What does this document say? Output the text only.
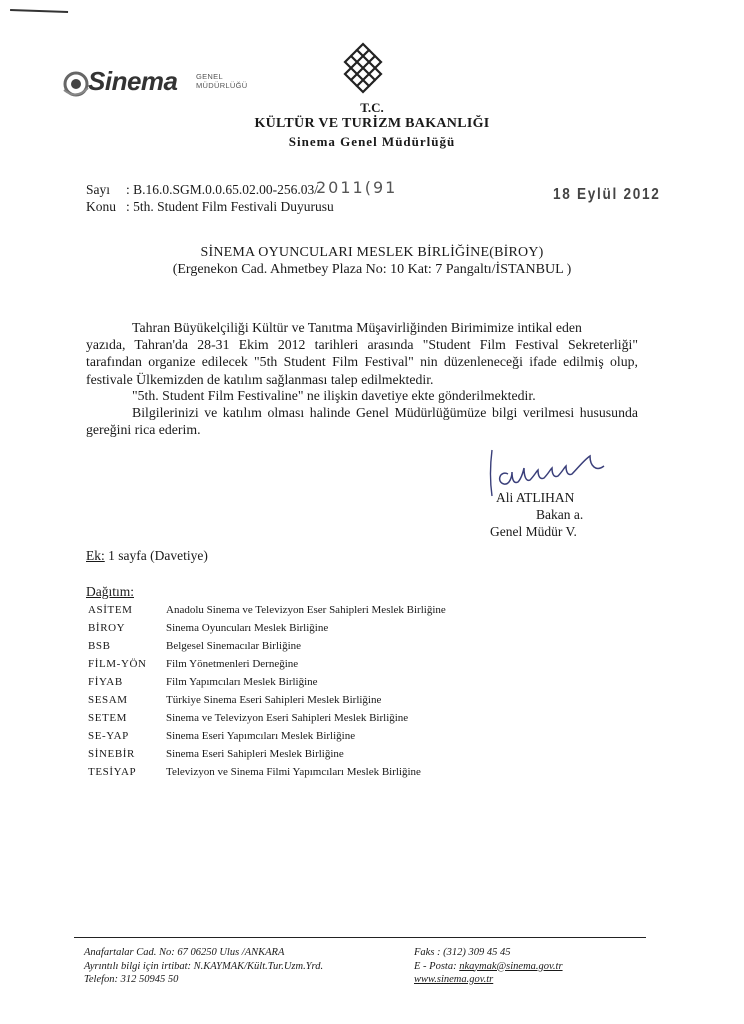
Sinema GENEL
MÜDÜRLÜĞÜ
T.C.
KÜLTÜR VE TURİZM BAKANLIĞI
Sinema Genel Müdürlüğü
Sayı : B.16.0.SGM.0.0.65.02.00-256.03/
2011(91
Konu : 5th. Student Film Festivali Duyurusu
18 Eylül 2012
SİNEMA OYUNCULARI MESLEK BİRLİĞİNE(BİROY)
(Ergenekon Cad. Ahmetbey Plaza No: 10 Kat: 7 Pangaltı/İSTANBUL )
Tahran Büyükelçiliği Kültür ve Tanıtma Müşavirliğinden Birimimize intikal eden
yazıda, Tahran'da 28-31 Ekim 2012 tarihleri arasında "Student Film Festival Sekreterliği" tarafından organize edilecek "5th Student Film Festival" nin düzenleneceği ifade edilmiş olup, festivale Ülkemizden de katılım sağlanması talep edilmektedir.
"5th. Student Film Festivaline" ne ilişkin davetiye ekte gönderilmektedir.
Bilgilerinizi ve katılım olması halinde Genel Müdürlüğümüze bilgi verilmesi hususunda gereğini rica ederim.
Ali ATLIHAN
Bakan a.
Genel Müdür V.
Ek: 1 sayfa (Davetiye)
Dağıtım:
ASİTEM	Anadolu Sinema ve Televizyon Eser Sahipleri Meslek Birliğine
BİROY	Sinema Oyuncuları Meslek Birliğine
BSB	Belgesel Sinemacılar Birliğine
FİLM-YÖN	Film Yönetmenleri Derneğine
FİYAB	Film Yapımcıları Meslek Birliğine
SESAM	Türkiye Sinema Eseri Sahipleri Meslek Birliğine
SETEM	Sinema ve Televizyon Eseri Sahipleri Meslek Birliğine
SE-YAP	Sinema Eseri Yapımcıları Meslek Birliğine
SİNEBİR	Sinema Eseri Sahipleri Meslek Birliğine
TESİYAP	Televizyon ve Sinema Filmi Yapımcıları Meslek Birliğine
Anafartalar Cad. No: 67 06250 Ulus /ANKARA
Ayrıntılı bilgi için irtibat: N.KAYMAK/Kült.Tur.Uzm.Yrd.
Telefon: 312 50945 50
Faks : (312) 309 45 45
E - Posta: nkaymak@sinema.gov.tr
www.sinema.gov.tr
